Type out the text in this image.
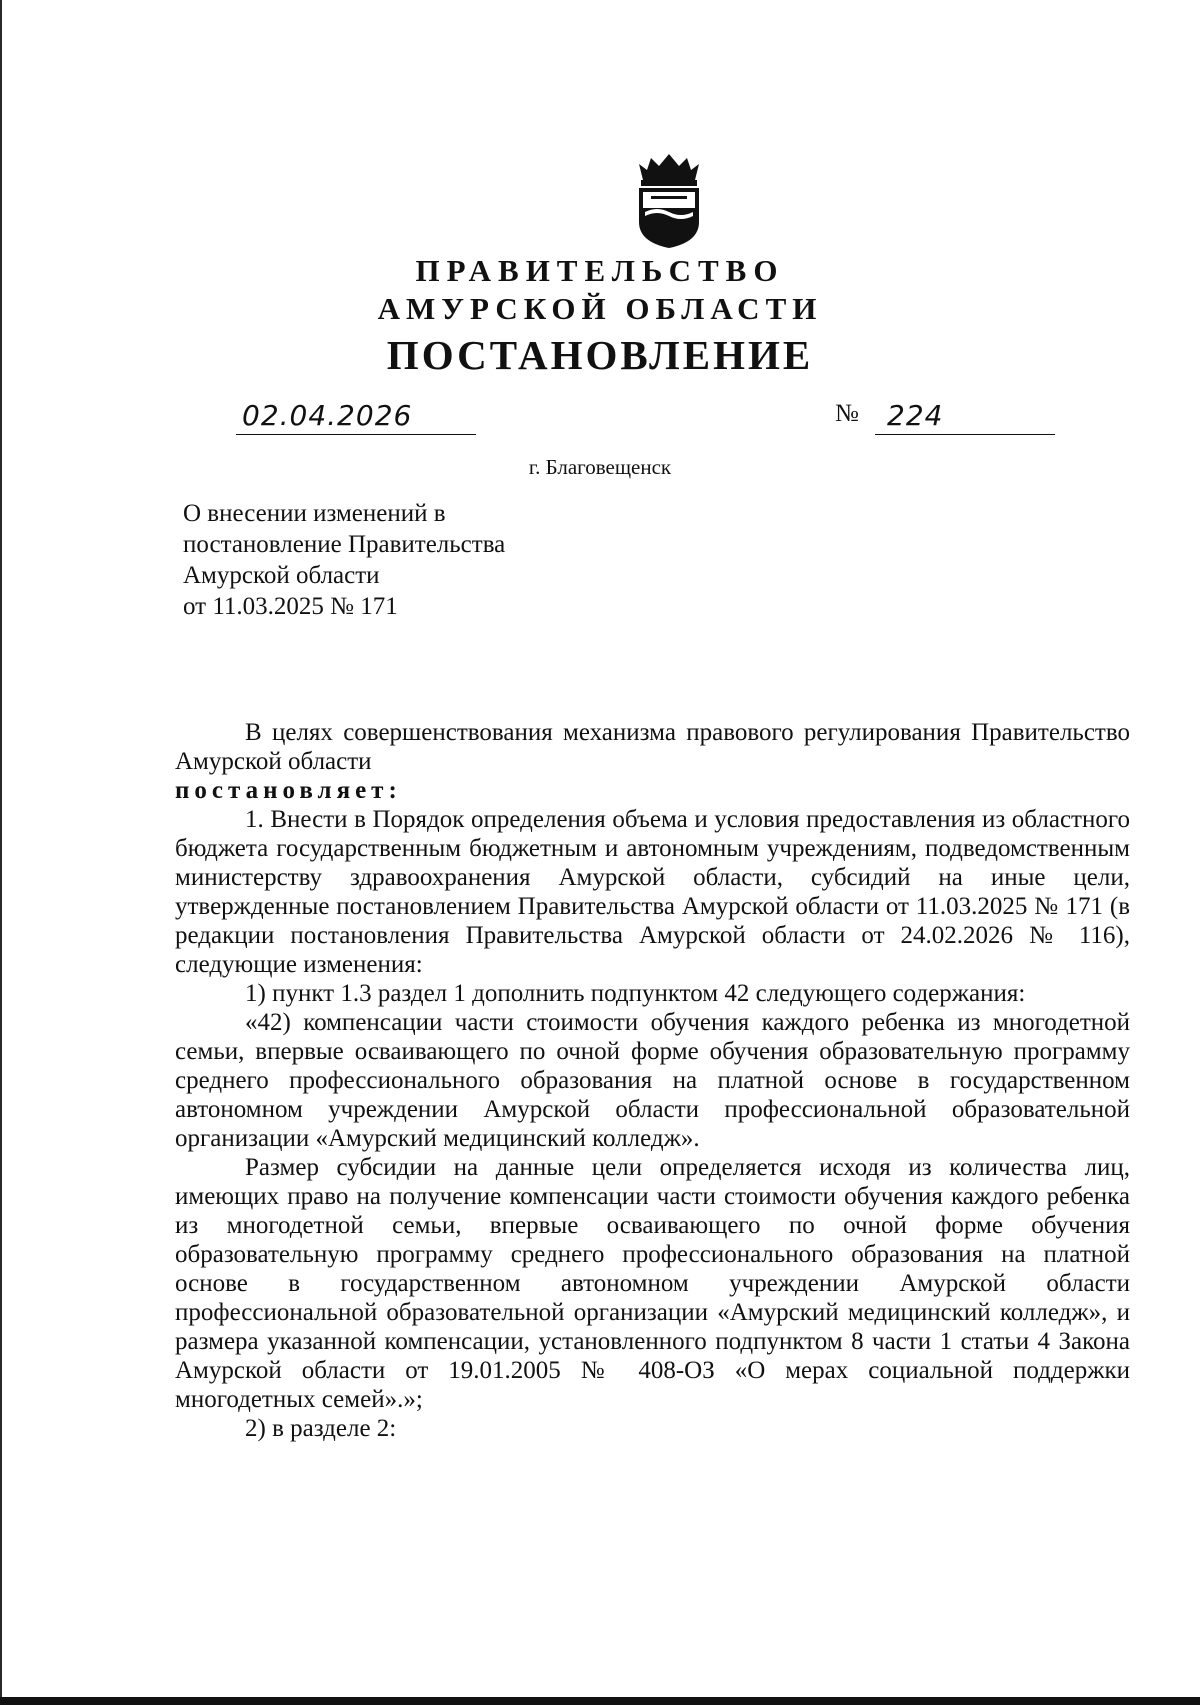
ПРАВИТЕЛЬСТВО
АМУРСКОЙ ОБЛАСТИ
ПОСТАНОВЛЕНИЕ
02.04.2026	№ 224
г. Благовещенск
О внесении изменений в
постановление Правительства
Амурской области
от 11.03.2025 № 171

В целях совершенствования механизма правового регулирования Правительство Амурской области

постановляет:

1. Внести в Порядок определения объема и условия предоставления из областного бюджета государственным бюджетным и автономным учреждениям, подведомственным министерству здравоохранения Амурской области, субсидий на иные цели, утвержденные постановлением Правительства Амурской области от 11.03.2025 № 171 (в редакции постановления Правительства Амурской области от 24.02.2026 № 116), следующие изменения:

1) пункт 1.3 раздел 1 дополнить подпунктом 42 следующего содержания:

«42) компенсации части стоимости обучения каждого ребенка из многодетной семьи, впервые осваивающего по очной форме обучения образовательную программу среднего профессионального образования на платной основе в государственном автономном учреждении Амурской области профессиональной образовательной организации «Амурский медицинский колледж».

Размер субсидии на данные цели определяется исходя из количества лиц, имеющих право на получение компенсации части стоимости обучения каждого ребенка из многодетной семьи, впервые осваивающего по очной форме обучения образовательную программу среднего профессионального образования на платной основе в государственном автономном учреждении Амурской области профессиональной образовательной организации «Амурский медицинский колледж», и размера указанной компенсации, установленного подпунктом 8 части 1 статьи 4 Закона Амурской области от 19.01.2005 № 408-ОЗ «О мерах социальной поддержки многодетных семей».»;

2) в разделе 2:
